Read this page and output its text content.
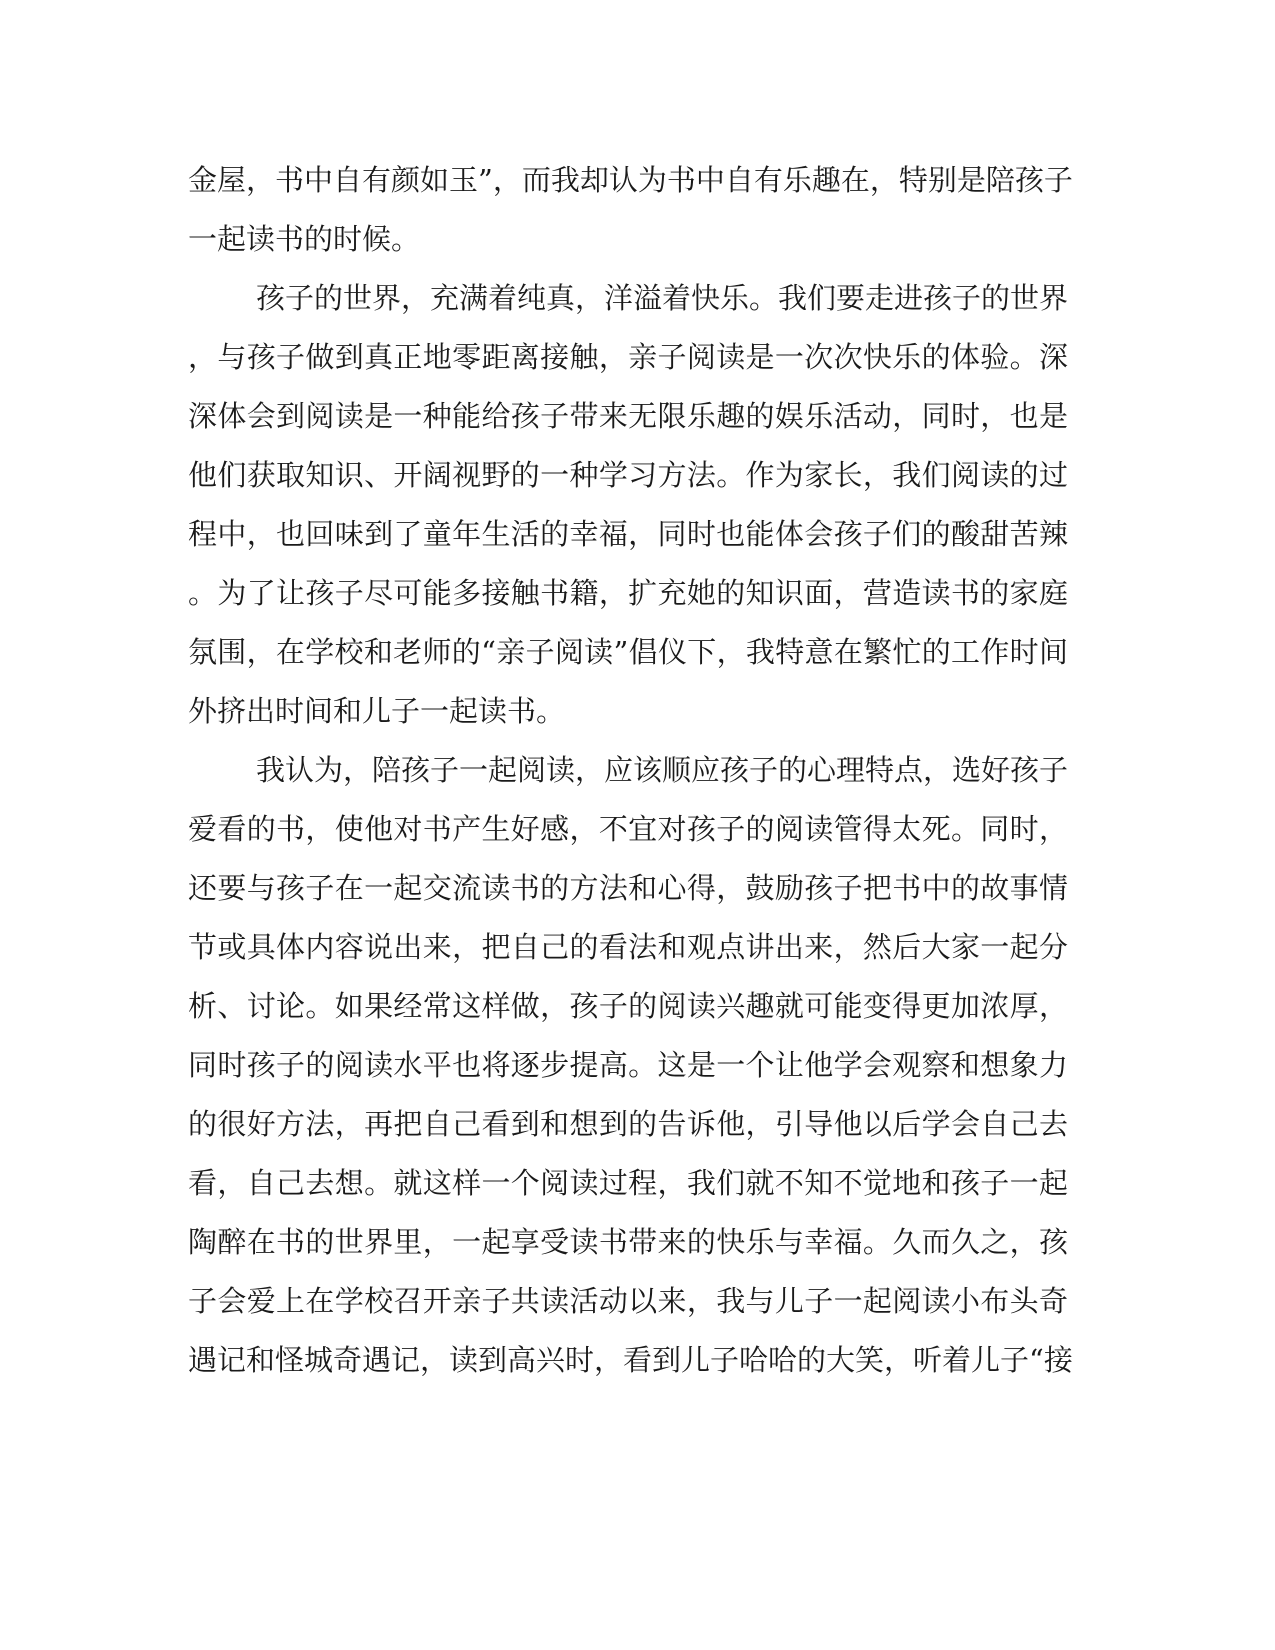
金屋，书中自有颜如玉”，而我却认为书中自有乐趣在，特别是陪孩子
一起读书的时候。
孩子的世界，充满着纯真，洋溢着快乐。我们要走进孩子的世界
，与孩子做到真正地零距离接触，亲子阅读是一次次快乐的体验。深
深体会到阅读是一种能给孩子带来无限乐趣的娱乐活动，同时，也是
他们获取知识、开阔视野的一种学习方法。作为家长，我们阅读的过
程中，也回味到了童年生活的幸福，同时也能体会孩子们的酸甜苦辣
。为了让孩子尽可能多接触书籍，扩充她的知识面，营造读书的家庭
氛围，在学校和老师的“亲子阅读”倡仪下，我特意在繁忙的工作时间
外挤出时间和儿子一起读书。
我认为，陪孩子一起阅读，应该顺应孩子的心理特点，选好孩子
爱看的书，使他对书产生好感，不宜对孩子的阅读管得太死。同时，
还要与孩子在一起交流读书的方法和心得，鼓励孩子把书中的故事情
节或具体内容说出来，把自己的看法和观点讲出来，然后大家一起分
析、讨论。如果经常这样做，孩子的阅读兴趣就可能变得更加浓厚，
同时孩子的阅读水平也将逐步提高。这是一个让他学会观察和想象力
的很好方法，再把自己看到和想到的告诉他，引导他以后学会自己去
看，自己去想。就这样一个阅读过程，我们就不知不觉地和孩子一起
陶醉在书的世界里，一起享受读书带来的快乐与幸福。久而久之，孩
子会爱上在学校召开亲子共读活动以来，我与儿子一起阅读小布头奇
遇记和怪城奇遇记，读到高兴时，看到儿子哈哈的大笑，听着儿子“接
